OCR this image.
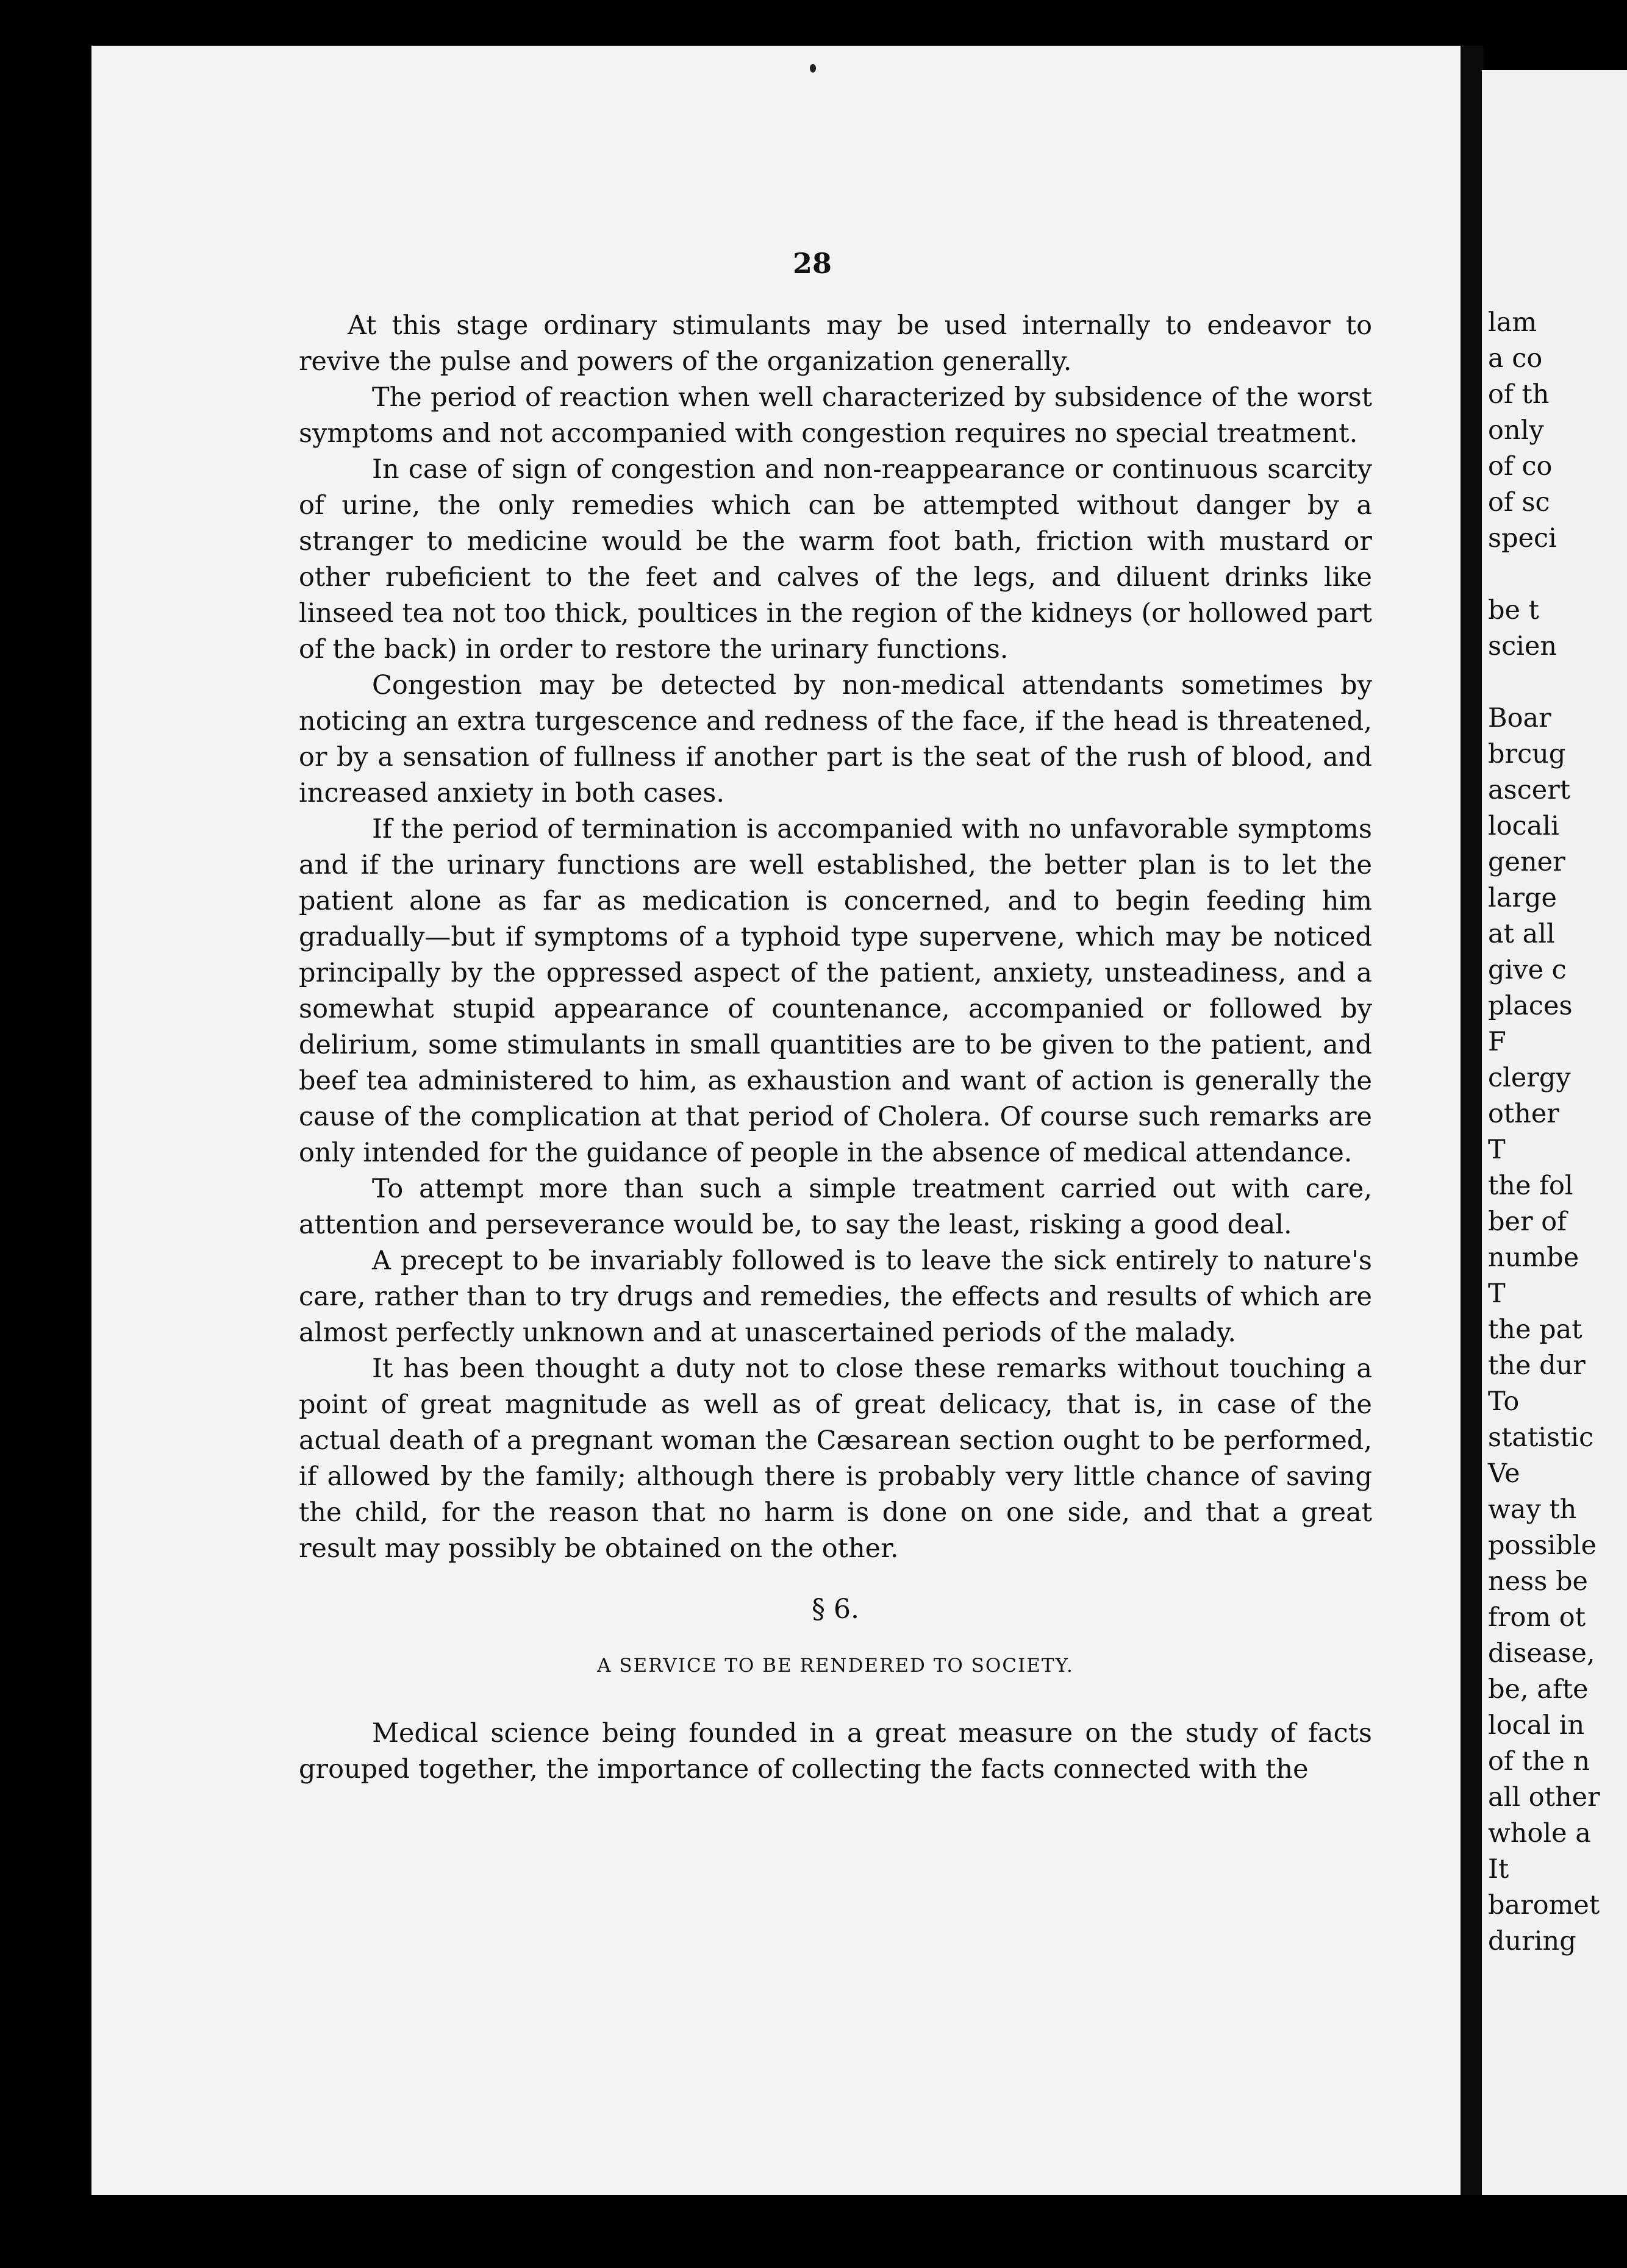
28

At this stage ordinary stimulants may be used internally to endeavor to revive the pulse and powers of the organization generally.

The period of reaction when well characterized by subsidence of the worst symptoms and not accompanied with congestion requires no special treatment.

In case of sign of congestion and non-reappearance or continuous scarcity of urine, the only remedies which can be attempted without danger by a stranger to medicine would be the warm foot bath, friction with mustard or other rubeficient to the feet and calves of the legs, and diluent drinks like linseed tea not too thick, poultices in the region of the kidneys (or hollowed part of the back) in order to restore the urinary functions.

Congestion may be detected by non-medical attendants sometimes by noticing an extra turgescence and redness of the face, if the head is threatened, or by a sensation of fullness if another part is the seat of the rush of blood, and increased anxiety in both cases.

If the period of termination is accompanied with no unfavorable symptoms and if the urinary functions are well established, the better plan is to let the patient alone as far as medication is concerned, and to begin feeding him gradually—but if symptoms of a typhoid type supervene, which may be noticed principally by the oppressed aspect of the patient, anxiety, unsteadiness, and a somewhat stupid appearance of countenance, accompanied or followed by delirium, some stimulants in small quantities are to be given to the patient, and beef tea administered to him, as exhaustion and want of action is generally the cause of the complication at that period of Cholera. Of course such remarks are only intended for the guidance of people in the absence of medical attendance.

To attempt more than such a simple treatment carried out with care, attention and perseverance would be, to say the least, risking a good deal.

A precept to be invariably followed is to leave the sick entirely to nature's care, rather than to try drugs and remedies, the effects and results of which are almost perfectly unknown and at unascertained periods of the malady.

It has been thought a duty not to close these remarks without touching a point of great magnitude as well as of great delicacy, that is, in case of the actual death of a pregnant woman the Cæsarean section ought to be performed, if allowed by the family; although there is probably very little chance of saving the child, for the reason that no harm is done on one side, and that a great result may possibly be obtained on the other.

§ 6.
A SERVICE TO BE RENDERED TO SOCIETY.

Medical science being founded in a great measure on the study of facts grouped together, the importance of collecting the facts connected with the

lam
a co
of th
only
of co
of sc
speci
be t
scien
Boar
brcug
ascert
locali
gener
large
at all
give c
places
F
clergy
other
T
the fol
ber of
numbe
T
the pat
the dur
To
statistic
Ve
way th
possible
ness be
from ot
disease,
be, afte
local in
of the n
all other
whole a
It
baromet
during
